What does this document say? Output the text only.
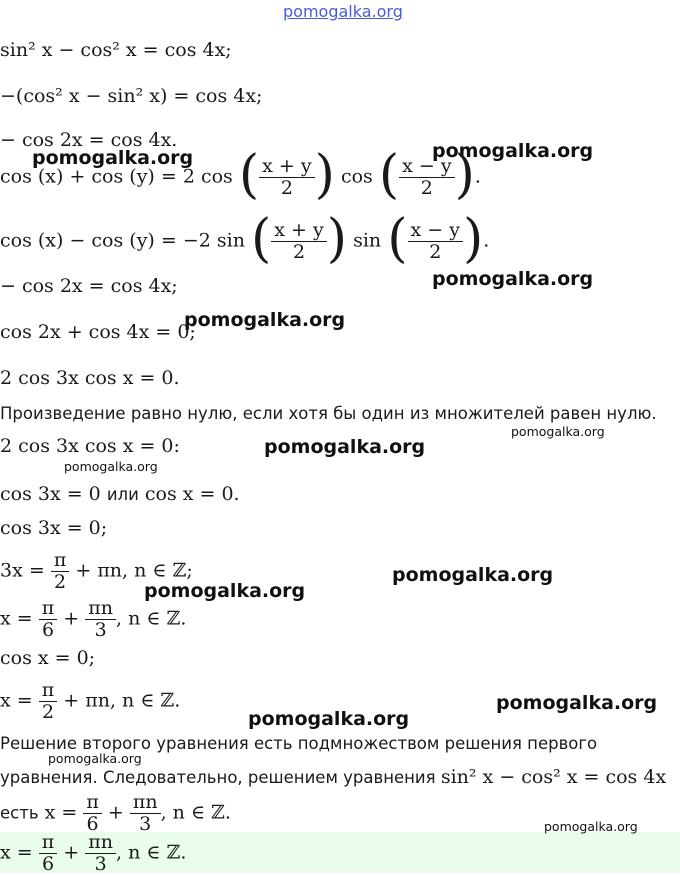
pomogalka.org
pomogalka.org	pomogalka.org
pomogalka.org
pomogalka.org
pomogalka.org
pomogalka.org
pomogalka.org
pomogalka.org
pomogalka.org
pomogalka.org
pomogalka.org
pomogalka.org
pomogalka.org
sin² x − cos² x = cos 4x;
−(cos² x − sin² x) = cos 4x;
− cos 2x = cos 4x.
cos (x) + cos (y) = 2 cos ( $\frac{x + y}{2}$ ) cos ( $\frac{x - y}{2}$ ).
cos (x) − cos (y) = −2 sin ( $\frac{x + y}{2}$ ) sin ( $\frac{x - y}{2}$ ).
− cos 2x = cos 4x;
cos 2x + cos 4x = 0;
2 cos 3x cos x = 0.
Произведение равно нулю, если хотя бы один из множителей равен нулю.
2 cos 3x cos x = 0:
cos 3x = 0 или cos x = 0.
cos 3x = 0;
$3x = \frac{\pi}{2} + \pi n$, n ∈ ℤ;
$x = \frac{\pi}{6} + \frac{\pi n}{3}$ , n ∈ ℤ.
cos x = 0;
$x = \frac{\pi}{2} + \pi n$, n ∈ ℤ.
Решение второго уравнения есть подмножеством решения первого
уравнения. Следовательно, решением уравнения sin² x − cos² x = cos 4x
есть $x = \frac{\pi}{6} + \frac{\pi n}{3}$ , n ∈ ℤ.
$x = \frac{\pi}{6} + \frac{\pi n}{3}$ , n ∈ ℤ.
